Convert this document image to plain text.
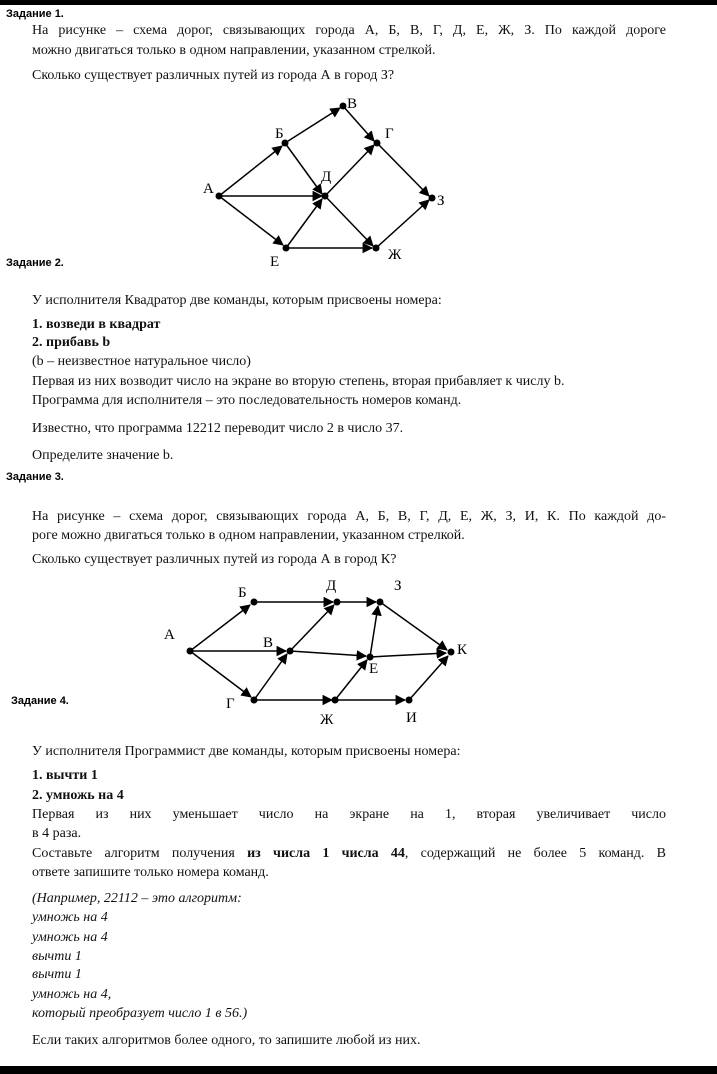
Задание 1.
На рисунке – схема дорог, связывающих города А, Б, В, Г, Д, Е, Ж, З. По каждой дороге
можно двигаться только в одном направлении, указанном стрелкой.
Сколько существует различных путей из города А в город З?
А
Б
В
Г
Д
Е	Ж
З
Задание 2.
У исполнителя Квадратор две команды, которым присвоены номера:
1. возведи в квадрат
2. прибавь b
(b – неизвестное натуральное число)
Первая из них возводит число на экране во вторую степень, вторая прибавляет к числу b.
Программа для исполнителя – это последовательность номеров команд.
Известно, что программа 12212 переводит число 2 в число 37.
Определите значение b.
Задание 3.
На рисунке – схема дорог, связывающих города А, Б, В, Г, Д, Е, Ж, З, И, К. По каждой до-
роге можно двигаться только в одном направлении, указанном стрелкой.
Сколько существует различных путей из города А в город К?
А
Б
В
Г
Д	З
Е
Ж	И
К
Задание 4.
У исполнителя Программист две команды, которым присвоены номера:
1. вычти 1
2. умножь на 4
Первая из них уменьшает число на экране на 1, вторая увеличивает число
в 4 раза.
Составьте алгоритм получения из числа 1 числа 44, содержащий не более 5 команд. В
ответе запишите только номера команд.
(Например, 22112 – это алгоритм:
умножь на 4
умножь на 4
вычти 1
вычти 1
умножь на 4,
который преобразует число 1 в 56.)
Если таких алгоритмов более одного, то запишите любой из них.
